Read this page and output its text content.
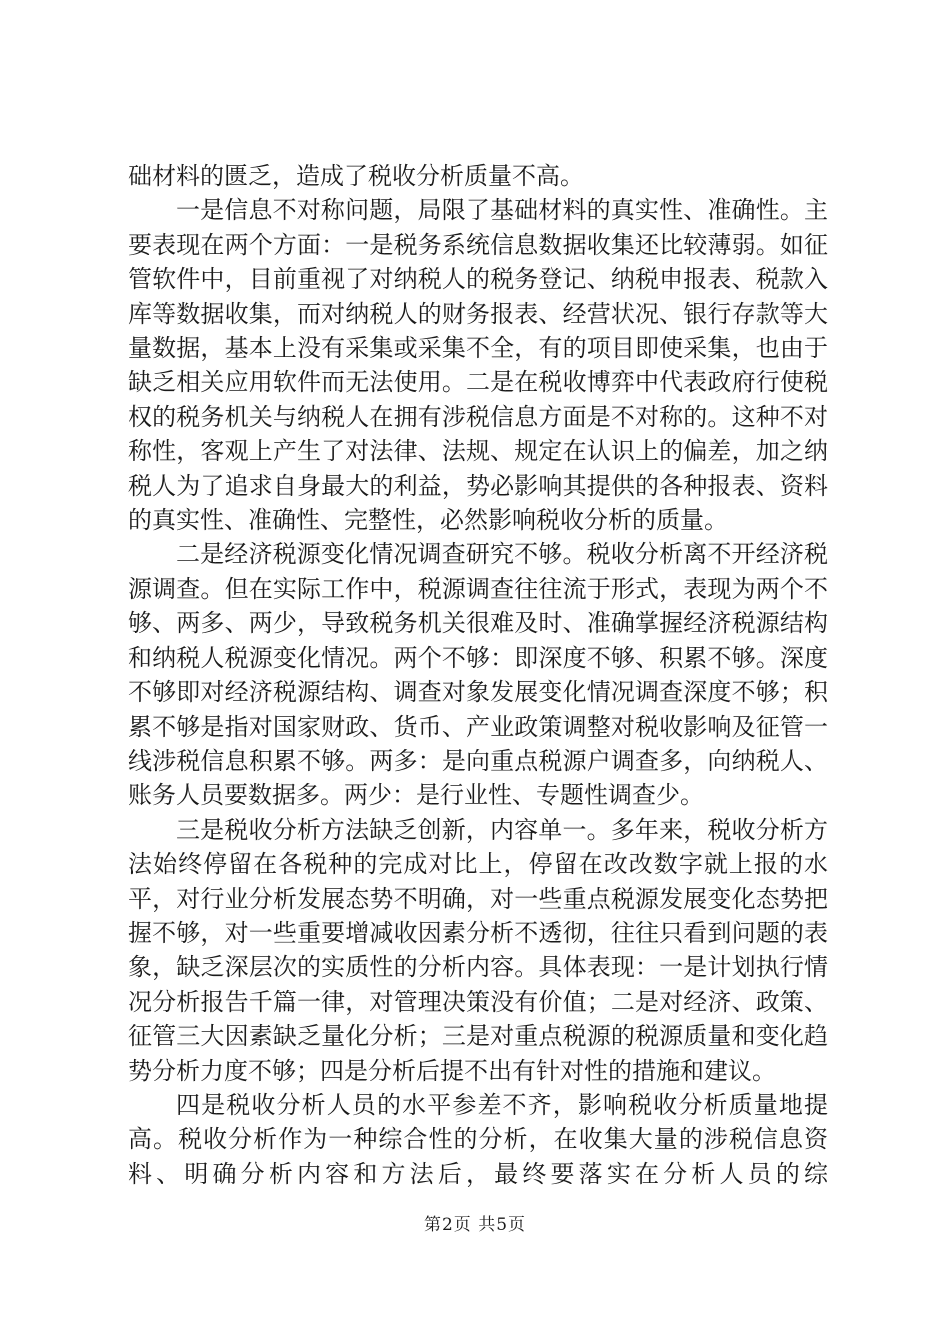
础材料的匮乏，造成了税收分析质量不高。

一是信息不对称问题，局限了基础材料的真实性、准确性。主要表现在两个方面：一是税务系统信息数据收集还比较薄弱。如征管软件中，目前重视了对纳税人的税务登记、纳税申报表、税款入库等数据收集，而对纳税人的财务报表、经营状况、银行存款等大量数据，基本上没有采集或采集不全，有的项目即使采集，也由于缺乏相关应用软件而无法使用。二是在税收博弈中代表政府行使税权的税务机关与纳税人在拥有涉税信息方面是不对称的。这种不对称性，客观上产生了对法律、法规、规定在认识上的偏差，加之纳税人为了追求自身最大的利益，势必影响其提供的各种报表、资料的真实性、准确性、完整性，必然影响税收分析的质量。

二是经济税源变化情况调查研究不够。税收分析离不开经济税源调查。但在实际工作中，税源调查往往流于形式，表现为两个不够、两多、两少，导致税务机关很难及时、准确掌握经济税源结构和纳税人税源变化情况。两个不够：即深度不够、积累不够。深度不够即对经济税源结构、调查对象发展变化情况调查深度不够；积累不够是指对国家财政、货币、产业政策调整对税收影响及征管一线涉税信息积累不够。两多：是向重点税源户调查多，向纳税人、账务人员要数据多。两少：是行业性、专题性调查少。

三是税收分析方法缺乏创新，内容单一。多年来，税收分析方法始终停留在各税种的完成对比上，停留在改改数字就上报的水平，对行业分析发展态势不明确，对一些重点税源发展变化态势把握不够，对一些重要增减收因素分析不透彻，往往只看到问题的表象，缺乏深层次的实质性的分析内容。具体表现：一是计划执行情况分析报告千篇一律，对管理决策没有价值；二是对经济、政策、征管三大因素缺乏量化分析；三是对重点税源的税源质量和变化趋势分析力度不够；四是分析后提不出有针对性的措施和建议。

四是税收分析人员的水平参差不齐，影响税收分析质量地提高。税收分析作为一种综合性的分析，在收集大量的涉税信息资料、明确分析内容和方法后，最终要落实在分析人员的综

第2页 共5页
